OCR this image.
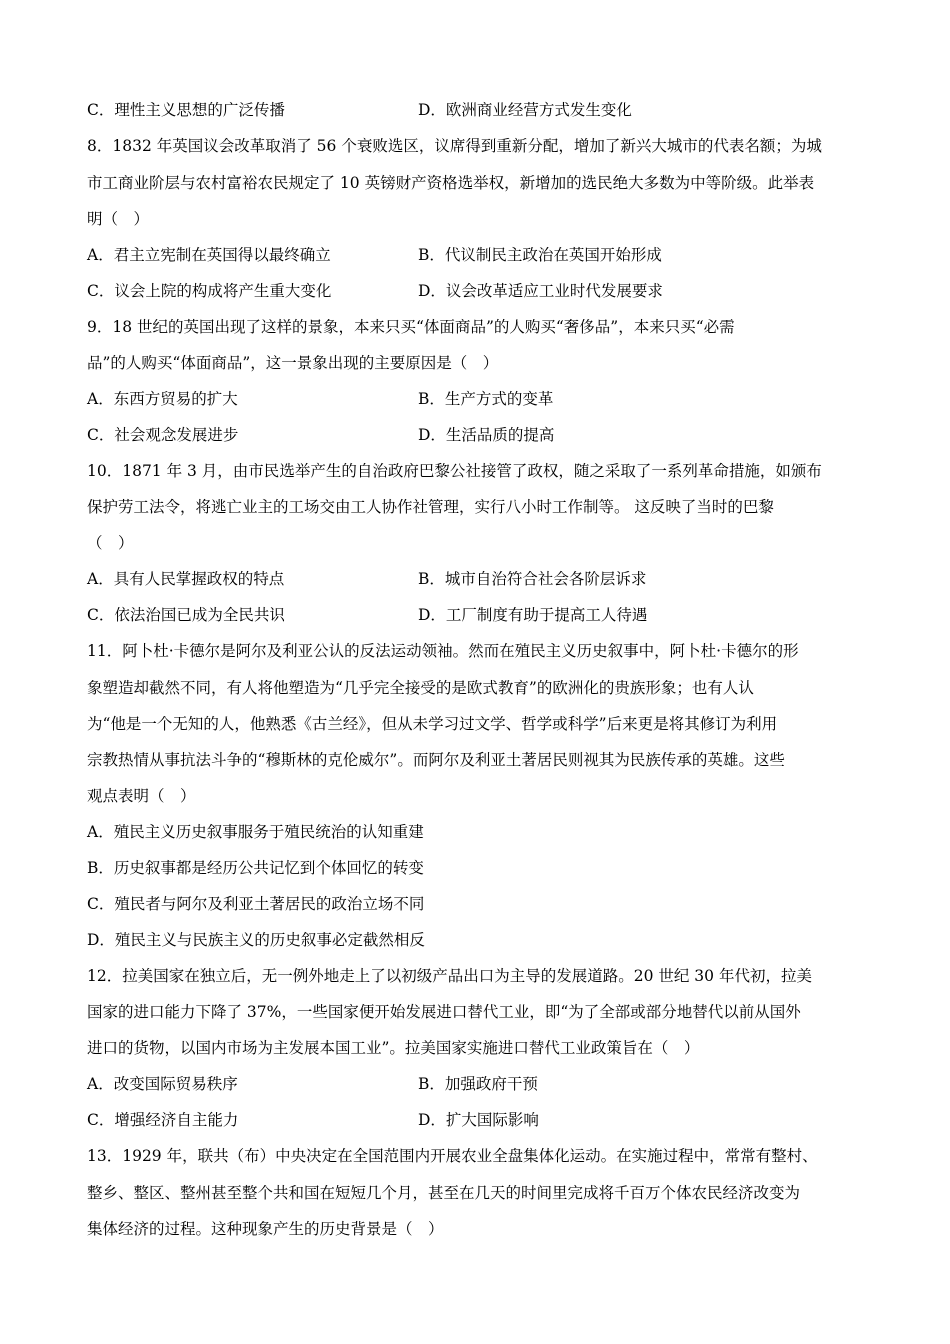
C．理性主义思想的广泛传播	D．欧洲商业经营方式发生变化
8．1832 年英国议会改革取消了 56 个衰败选区，议席得到重新分配，增加了新兴大城市的代表名额；为城
市工商业阶层与农村富裕农民规定了 10 英镑财产资格选举权，新增加的选民绝大多数为中等阶级。此举表
明（　）
A．君主立宪制在英国得以最终确立	B．代议制民主政治在英国开始形成
C．议会上院的构成将产生重大变化	D．议会改革适应工业时代发展要求
9．18 世纪的英国出现了这样的景象，本来只买“体面商品”的人购买“奢侈品”，本来只买“必需
品”的人购买“体面商品”，这一景象出现的主要原因是（　）
A．东西方贸易的扩大	B．生产方式的变革
C．社会观念发展进步	D．生活品质的提高
10．1871 年 3 月，由市民选举产生的自治政府巴黎公社接管了政权，随之采取了一系列革命措施，如颁布
保护劳工法令，将逃亡业主的工场交由工人协作社管理，实行八小时工作制等。 这反映了当时的巴黎
（　）
A．具有人民掌握政权的特点	B．城市自治符合社会各阶层诉求
C．依法治国已成为全民共识	D．工厂制度有助于提高工人待遇
11．阿卜杜·卡德尔是阿尔及利亚公认的反法运动领袖。然而在殖民主义历史叙事中，阿卜杜·卡德尔的形
象塑造却截然不同，有人将他塑造为“几乎完全接受的是欧式教育”的欧洲化的贵族形象；也有人认
为“他是一个无知的人，他熟悉《古兰经》，但从未学习过文学、哲学或科学”后来更是将其修订为利用
宗教热情从事抗法斗争的“穆斯林的克伦威尔”。而阿尔及利亚土著居民则视其为民族传承的英雄。这些
观点表明（　）
A．殖民主义历史叙事服务于殖民统治的认知重建
B．历史叙事都是经历公共记忆到个体回忆的转变
C．殖民者与阿尔及利亚土著居民的政治立场不同
D．殖民主义与民族主义的历史叙事必定截然相反
12．拉美国家在独立后，无一例外地走上了以初级产品出口为主导的发展道路。20 世纪 30 年代初，拉美
国家的进口能力下降了 37%，一些国家便开始发展进口替代工业，即“为了全部或部分地替代以前从国外
进口的货物，以国内市场为主发展本国工业”。拉美国家实施进口替代工业政策旨在（　）
A．改变国际贸易秩序	B．加强政府干预
C．增强经济自主能力	D．扩大国际影响
13．1929 年，联共（布）中央决定在全国范围内开展农业全盘集体化运动。在实施过程中，常常有整村、
整乡、整区、整州甚至整个共和国在短短几个月，甚至在几天的时间里完成将千百万个体农民经济改变为
集体经济的过程。这种现象产生的历史背景是（　）
